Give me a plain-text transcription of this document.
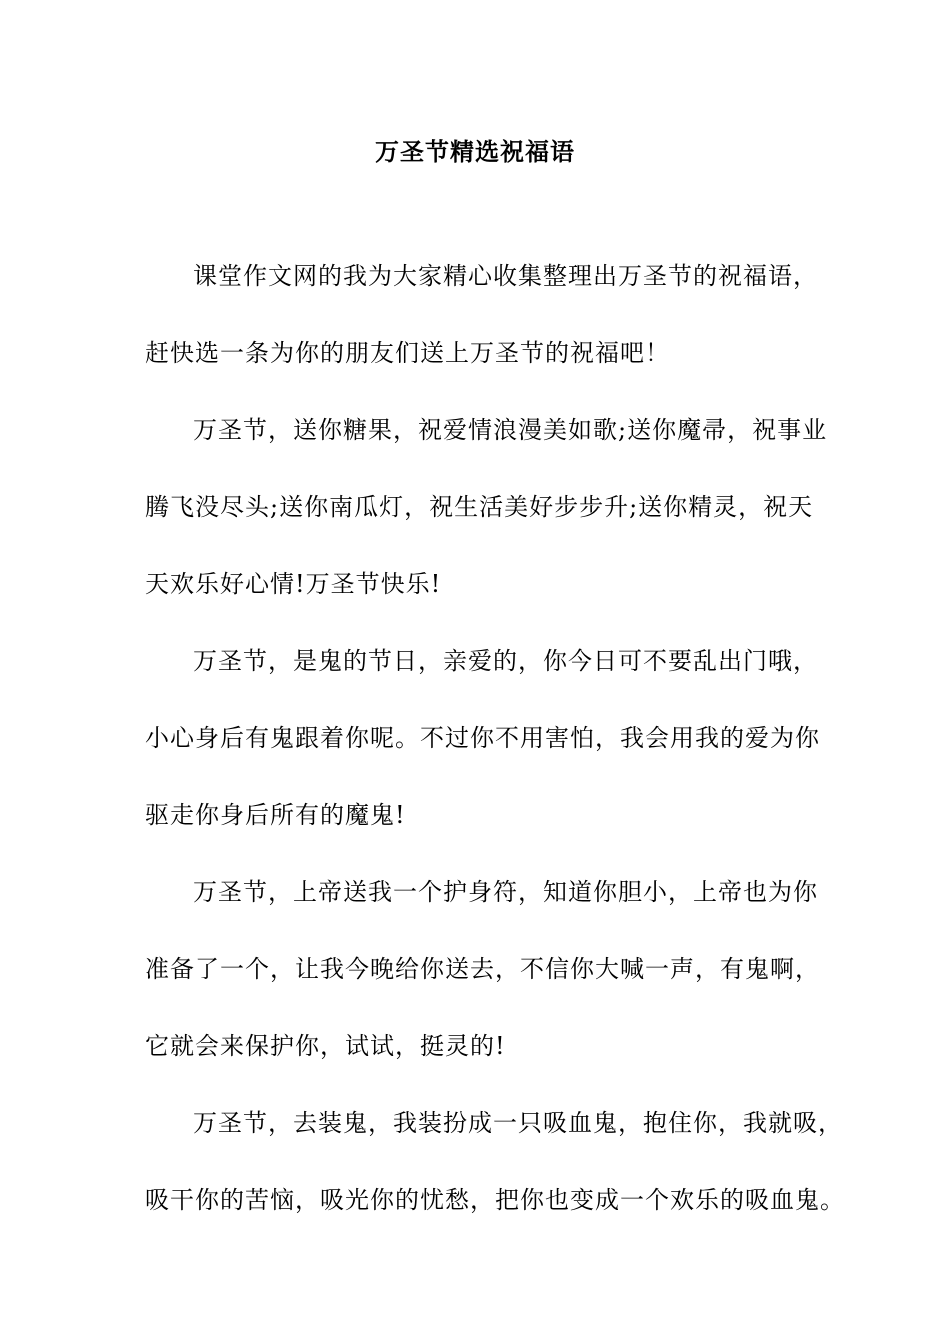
万圣节精选祝福语
课堂作文网的我为大家精心收集整理出万圣节的祝福语，
赶快选一条为你的朋友们送上万圣节的祝福吧！
万圣节，送你糖果，祝爱情浪漫美如歌;送你魔帚，祝事业
腾飞没尽头;送你南瓜灯，祝生活美好步步升;送你精灵，祝天
天欢乐好心情!万圣节快乐!
万圣节，是鬼的节日，亲爱的，你今日可不要乱出门哦，
小心身后有鬼跟着你呢。不过你不用害怕，我会用我的爱为你
驱走你身后所有的魔鬼!
万圣节，上帝送我一个护身符，知道你胆小，上帝也为你
准备了一个，让我今晚给你送去，不信你大喊一声，有鬼啊，
它就会来保护你，试试，挺灵的!
万圣节，去装鬼，我装扮成一只吸血鬼，抱住你，我就吸，
吸干你的苦恼，吸光你的忧愁，把你也变成一个欢乐的吸血鬼。
